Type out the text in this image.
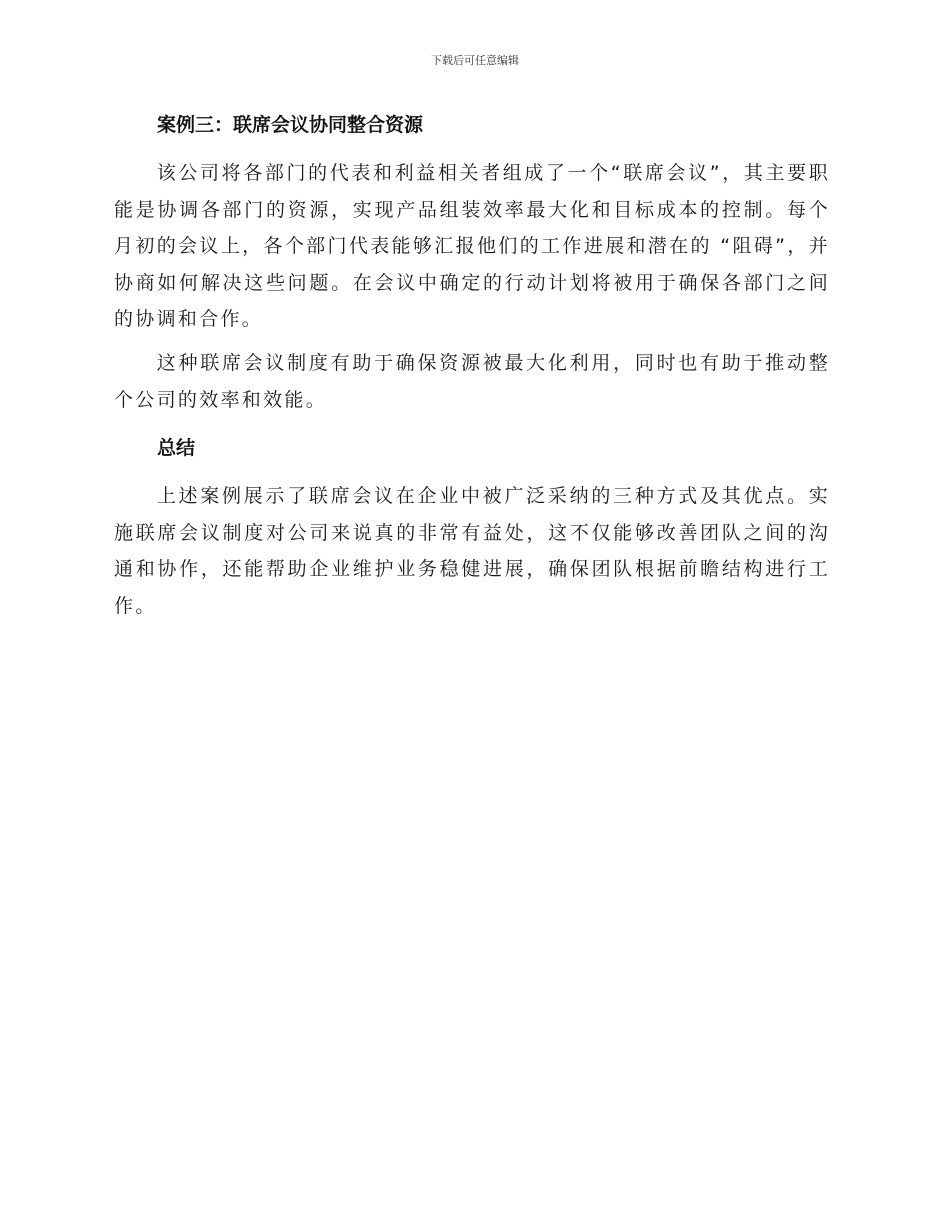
下载后可任意编辑
案例三：联席会议协同整合资源

该公司将各部门的代表和利益相关者组成了一个“联席会议”，其主要职能是协调各部门的资源，实现产品组装效率最大化和目标成本的控制。每个月初的会议上，各个部门代表能够汇报他们的工作进展和潜在的 “阻碍”，并协商如何解决这些问题。在会议中确定的行动计划将被用于确保各部门之间的协调和合作。

这种联席会议制度有助于确保资源被最大化利用，同时也有助于推动整个公司的效率和效能。

总结

上述案例展示了联席会议在企业中被广泛采纳的三种方式及其优点。实施联席会议制度对公司来说真的非常有益处，这不仅能够改善团队之间的沟通和协作，还能帮助企业维护业务稳健进展，确保团队根据前瞻结构进行工作。
